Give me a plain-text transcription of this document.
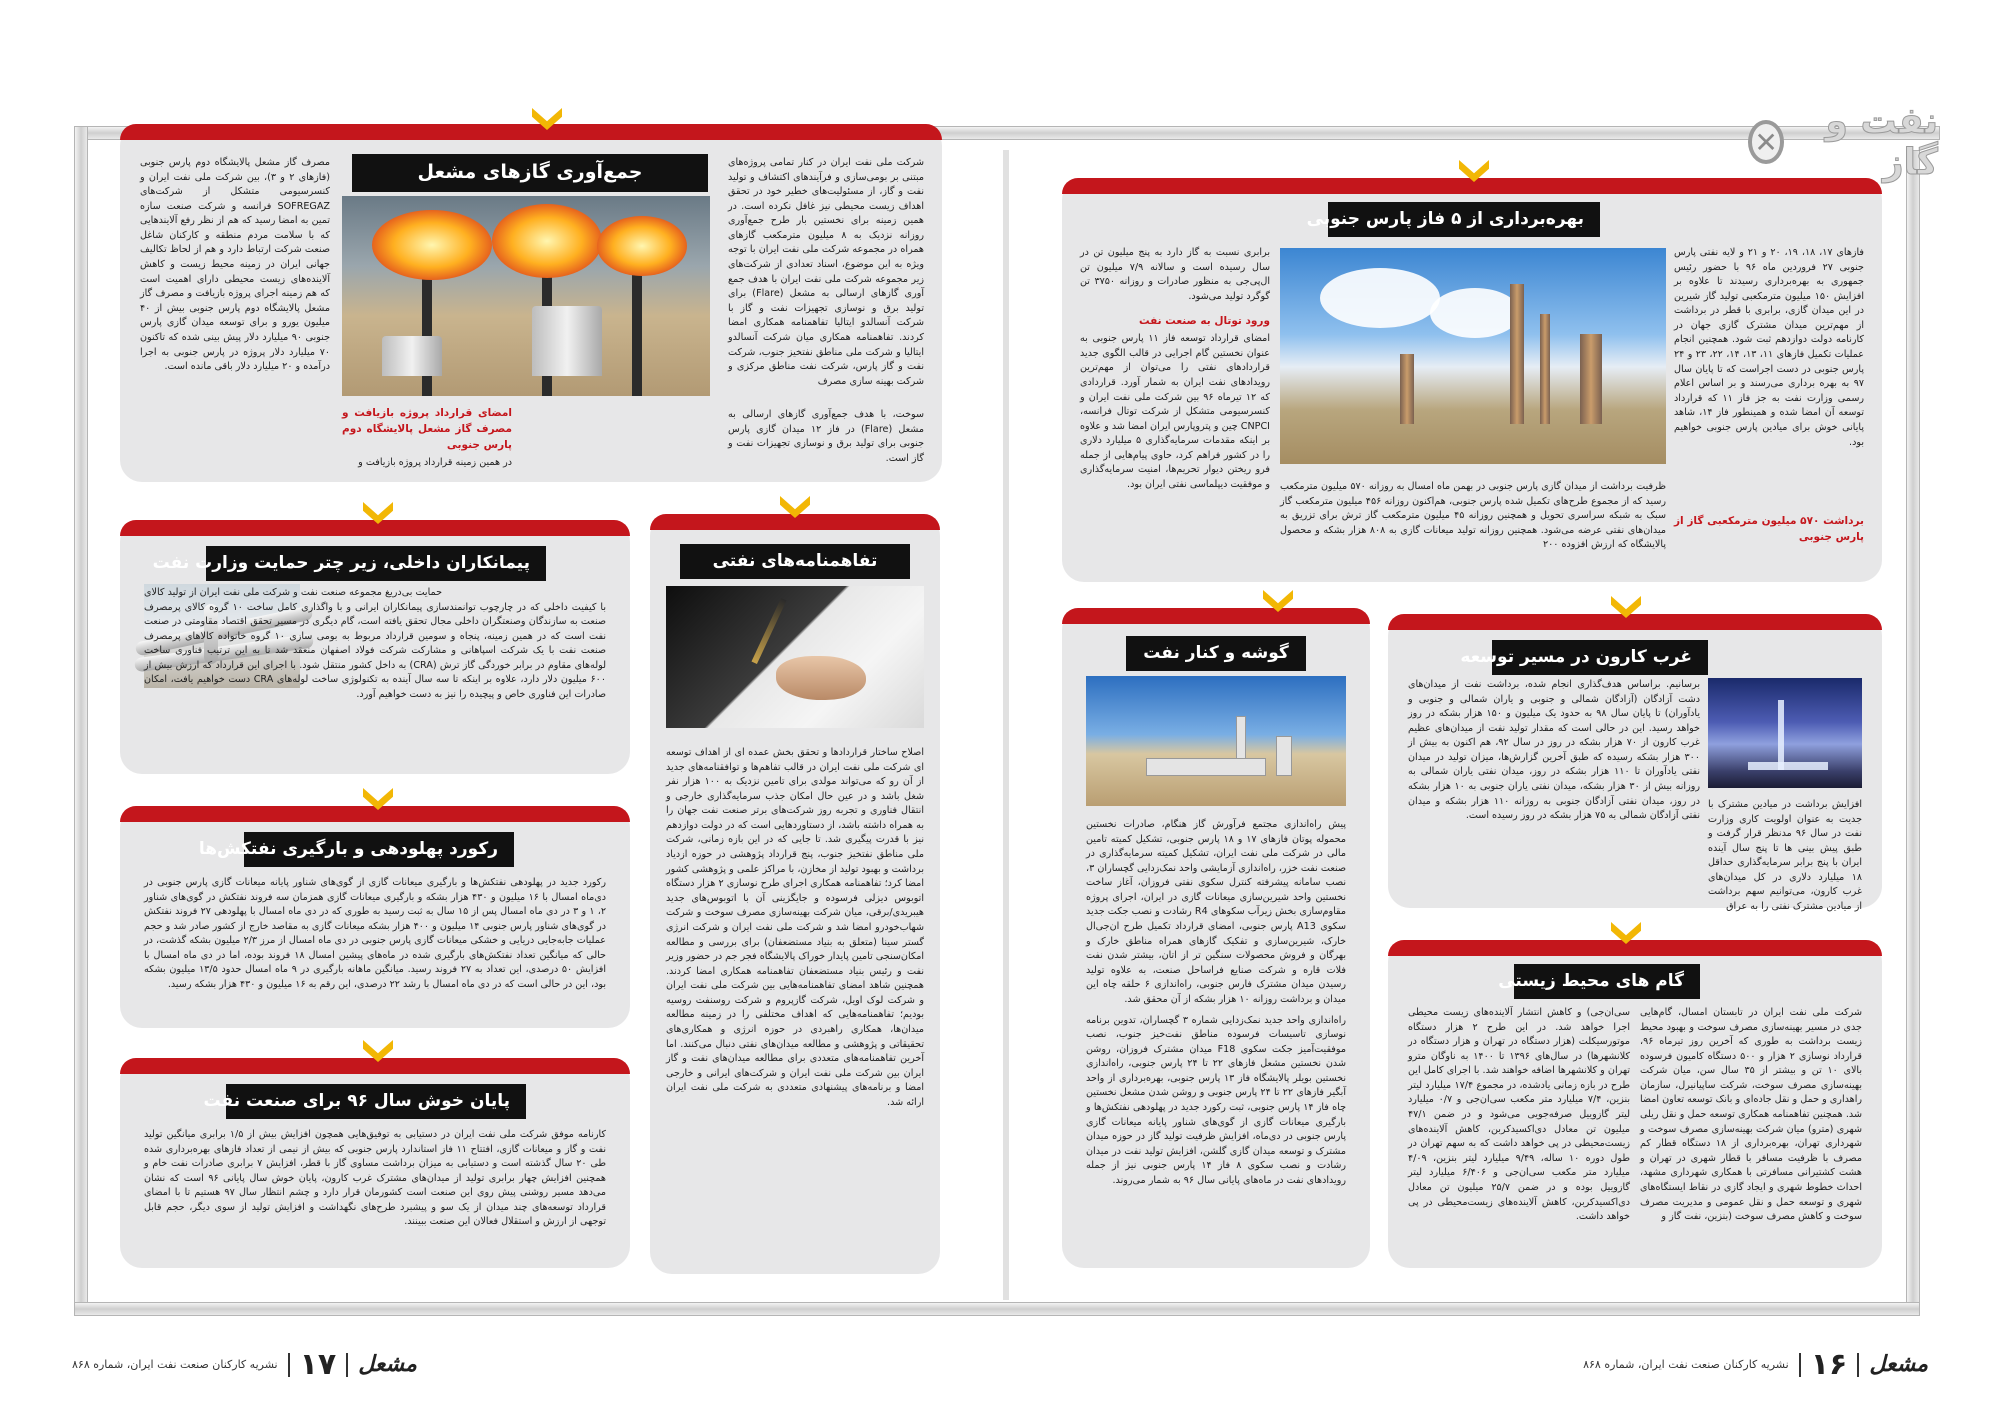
نفت و گاز
✕
جمع‌آوری گازهای مشعل	شرکت ملی نفت ایران در کنار تمامی پروژه‌های مبتنی بر بومی‌سازی و فرآیندهای اکتشاف و تولید نفت و گاز، از مسئولیت‌های خطیر خود در تحقق اهداف زیست محیطی نیز غافل نکرده است. در همین زمینه برای نخستین بار طرح جمع‌آوری روزانه نزدیک به ۸ میلیون مترمکعب گازهای همراه در مجموعه شرکت ملی نفت ایران با توجه ویژه به این موضوع، اسناد تعدادی از شرکت‌های زیر مجموعه شرکت ملی نفت ایران با هدف جمع آوری گازهای ارسالی به مشعل (Flare) برای تولید برق و نوسازی تجهیزات نفت و گاز با شرکت آنسالدو ایتالیا تفاهمنامه همکاری امضا کردند. تفاهمنامه همکاری میان شرکت آنسالدو ایتالیا و شرکت ملی مناطق نفتخیز جنوب، شرکت نفت و گاز پارس، شرکت نفت مناطق مرکزی و شرکت بهینه سازی مصرف
سوخت، با هدف جمع‌آوری گازهای ارسالی به مشعل (Flare) در فاز ۱۲ میدان گازی پارس جنوبی برای تولید برق و نوسازی تجهیزات نفت و گاز است.
امضای قرارداد پروژه بازیافت و مصرف گاز مشعل پالایشگاه دوم پارس جنوبی
در همین زمینه قرارداد پروژه بازیافت و
مصرف گاز مشعل پالایشگاه دوم پارس جنوبی (فازهای ۲ و ۳)، بین شرکت ملی نفت ایران و کنسرسیومی متشکل از شرکت‌های SOFREGAZ فرانسه و شرکت صنعت سازه تمین به امضا رسید که هم از نظر رفع آلایندهایی که با سلامت مردم منطقه و کارکنان شاغل صنعت شرکت ارتباط دارد و هم از لحاظ تکالیف جهانی ایران در زمینه محیط زیست و کاهش آلاینده‌های زیست محیطی دارای اهمیت است که هم زمینه اجرای پروژه بازیافت و مصرف گاز مشعل پالایشگاه دوم پارس جنوبی بیش از ۴۰ میلیون یورو و برای توسعه میدان گازی پارس جنوبی ۹۰ میلیارد دلار پیش بینی شده که تاکنون ۷۰ میلیارد دلار پروژه در پارس جنوبی به اجرا درآمده و ۲۰ میلیارد دلار باقی مانده است.
پیمانکاران داخلی، زیر چتر حمایت وزارت نفت
حمایت بی‌دریغ مجموعه صنعت نفت و شرکت ملی نفت ایران از تولید کالای با کیفیت داخلی که در چارچوب توانمندسازی پیمانکاران ایرانی و با واگذاری کامل ساخت ۱۰ گروه کالای پرمصرف صنعت به سازندگان وصنعتگران داخلی مجال تحقق یافته است، گام دیگری در مسیر تحقق اقتصاد مقاومتی در صنعت نفت است که در همین زمینه، پنجاه و سومین قرارداد مربوط به بومی سازی ۱۰ گروه خانواده کالاهای پرمصرف صنعت نفت با یک شرکت اسپاهانی و مشارکت شرکت فولاد اصفهان منعقد شد تا به این ترتیب فناوری ساخت لوله‌های مقاوم در برابر خوردگی گاز ترش (CRA) به داخل کشور منتقل شود. با اجرای این قرارداد که ارزش بیش از ۶۰۰ میلیون دلار دارد، علاوه بر اینکه تا سه سال آینده به تکنولوژی ساخت لوله‌های CRA دست خواهیم یافت، امکان صادرات این فناوری خاص و پیچیده را نیز به دست خواهیم آورد.
تفاهمنامه‌های نفتی
اصلاح ساختار قراردادها و تحقق بخش عمده ای از اهداف توسعه ای شرکت ملی نفت ایران در قالب تفاهم‌ها و توافقنامه‌های جدید از آن رو که می‌تواند مولدی برای تامین نزدیک به ۱۰۰ هزار نفر شغل باشد و در عین حال امکان جذب سرمایه‌گذاری خارجی و انتقال فناوری و تجربه روز شرکت‌های برتر صنعت نفت جهان را به همراه داشته باشد، از دستاوردهایی است که در دولت دوازدهم نیز با قدرت پیگیری شد. تا جایی که در این بازه زمانی، شرکت ملی مناطق نفتخیز جنوب، پنج قرارداد پژوهشی در حوزه ازدیاد برداشت و بهبود تولید از مخازن، با مراکز علمی و پژوهشی کشور امضا کرد؛ تفاهمنامه همکاری اجرای طرح نوسازی ۲ هزار دستگاه اتوبوس دیزلی فرسوده و جایگزینی آن با اتوبوس‌های جدید هیبریدی/برقی، میان شرکت بهینه‌سازی مصرف سوخت و شرکت شهاب‌خودرو امضا شد و شرکت ملی نفت ایران و شرکت انرژی گستر سینا (متعلق به بنیاد مستضعفان) برای بررسی و مطالعه امکان‌سنجی تامین پایدار خوراک پالایشگاه فجر جم در حضور وزیر نفت و رئیس بنیاد مستضعفان تفاهمنامه همکاری امضا کردند. همچنین شاهد امضای تفاهمنامه‌هایی بین شرکت ملی نفت ایران و شرکت لوک اویل، شرکت گازپروم و شرکت روسنفت روسیه بودیم؛ تفاهمنامه‌هایی که اهداف مختلفی را در زمینه مطالعه میدان‌ها، همکاری راهبردی در حوزه انرژی و همکاری‌های تحقیقاتی و پژوهشی و مطالعه میدان‌های نفتی دنبال می‌کنند. اما آخرین تفاهمنامه‌های متعددی برای مطالعه میدان‌های نفت و گاز ایران بین شرکت ملی نفت ایران و شرکت‌های ایرانی و خارجی امضا و برنامه‌های پیشنهادی متعددی به شرکت ملی نفت ایران ارائه شد.
رکورد پهلودهی و بارگیری نفتکش‌ها
رکورد جدید در پهلودهی نفتکش‌ها و بارگیری میعانات گازی از گوی‌های شناور پایانه میعانات گازی پارس جنوبی در دی‌ماه امسال با ۱۶ میلیون و ۴۳۰ هزار بشکه و بارگیری میعانات گازی همزمان سه فروند نفتکش در گوی‌های شناور ۲، ۱ و ۳ در دی ماه امسال پس از ۱۵ سال به ثبت رسید به طوری که در دی ماه امسال با پهلودهی ۲۷ فروند نفتکش در گوی‌های شناور پارس جنوبی ۱۴ میلیون و ۴۰۰ هزار بشکه میعانات گازی به مقاصد خارج از کشور صادر شد و حجم عملیات جابه‌جایی دریایی و خشکی میعانات گازی پارس جنوبی در دی ماه امسال از مرز ۲/۳ میلیون بشکه گذشت، در حالی که میانگین تعداد نفتکش‌های بارگیری شده در ماه‌های پیشین امسال ۱۸ فروند بوده، اما در دی ماه امسال با افزایش ۵۰ درصدی، این تعداد به ۲۷ فروند رسید. میانگین ماهانه بارگیری در ۹ ماه امسال حدود ۱۳/۵ میلیون بشکه بود، این در حالی است که در دی ماه امسال با رشد ۲۲ درصدی، این رقم به ۱۶ میلیون و ۴۳۰ هزار بشکه رسید.
پایان خوش سال ۹۶ برای صنعت نفت
کارنامه موفق شرکت ملی نفت ایران در دستیابی به توفیق‌هایی همچون افزایش بیش از ۱/۵ برابری میانگین تولید نفت و گاز و میعانات گازی، افتتاح ۱۱ فاز استاندارد پارس جنوبی که بیش از نیمی از تعداد فازهای بهره‌برداری شده طی ۲۰ سال گذشته است و دستیابی به میزان برداشت مساوی گاز با قطر، افزایش ۷ برابری صادرات نفت خام و همچنین افزایش چهار برابری تولید از میدان‌های مشترک غرب کارون، پایان خوش سال پایانی ۹۶ است که نشان می‌دهد مسیر روشنی پیش روی این صنعت است کشورمان قرار دارد و چشم انتظار سال ۹۷ هستیم تا با امضای قرارداد توسعه‌های چند میدان از یک سو و پیشبرد طرح‌های نگهداشت و افزایش تولید از سوی دیگر، حجم قابل توجهی از ارزش و استقلال فعالان این صنعت ببینند.
بهره‌برداری از ۵ فاز پارس جنوبی
فازهای ۱۷، ۱۸، ۱۹، ۲۰ و ۲۱ و لایه نفتی پارس جنوبی ۲۷ فروردین ماه ۹۶ با حضور رئیس جمهوری به بهره‌برداری رسیدند تا علاوه بر افزایش ۱۵۰ میلیون مترمکعبی تولید گاز شیرین در این میدان گازی، برابری با قطر در برداشت از مهم‌ترین میدان مشترک گازی جهان در کارنامه دولت دوازدهم ثبت شود. همچنین انجام عملیات تکمیل فازهای ۱۱، ۱۳، ۱۴، ۲۲، ۲۳ و ۲۴ پارس جنوبی در دست اجراست که تا پایان سال ۹۷ به بهره برداری می‌رسند و بر اساس اعلام رسمی وزارت نفت به جز فاز ۱۱ که قرارداد توسعه آن امضا شده و همینطور فاز ۱۴، شاهد پایانی خوش برای میادین پارس جنوبی خواهیم بود.
برداشت ۵۷۰ میلیون مترمکعبی گاز از پارس جنوبی
ظرفیت برداشت از میدان گازی پارس جنوبی در بهمن ماه امسال به روزانه ۵۷۰ میلیون مترمکعب رسید که از مجموع طرح‌های تکمیل شده پارس جنوبی، هم‌اکنون روزانه ۴۵۶ میلیون مترمکعب گاز سبک به شبکه سراسری تحویل و همچنین روزانه ۴۵ میلیون مترمکعب گاز ترش برای تزریق به میدان‌های نفتی عرضه می‌شود. همچنین روزانه تولید میعانات گازی به ۸۰۸ هزار بشکه و محصول پالایشگاه که ارزش افزوده ۲۰۰
برابری نسبت به گاز دارد به پنج میلیون تن در سال رسیده است و سالانه ۷/۹ میلیون تن ال‌پی‌جی به منظور صادرات و روزانه ۳۷۵۰ تن گوگرد تولید می‌شود.
ورود توتال به صنعت نفت
امضای قرارداد توسعه فاز ۱۱ پارس جنوبی به عنوان نخستین گام اجرایی در قالب الگوی جدید قراردادهای نفتی را می‌توان از مهم‌ترین رویدادهای نفت ایران به شمار آورد. قراردادی که ۱۲ تیرماه ۹۶ بین شرکت ملی نفت ایران و کنسرسیومی متشکل از شرکت توتال فرانسه، CNPCI چین و پتروپارس ایران امضا شد و علاوه بر اینکه مقدمات سرمایه‌گذاری ۵ میلیارد دلاری را در کشور فراهم کرد، حاوی پیام‌هایی از جمله فرو ریختن دیوار تحریم‌ها، امنیت سرمایه‌گذاری و موفقیت دیپلماسی نفتی ایران بود.
غرب کارون در مسیر توسعه
افزایش برداشت در میادین مشترک با جدیت به عنوان اولویت کاری وزارت نفت در سال ۹۶ مدنظر قرار گرفت و طبق پیش بینی ها تا پنج سال آینده ایران با پنج برابر سرمایه‌گذاری حداقل ۱۸ میلیارد دلاری در کل میدان‌های غرب کارون، می‌توانیم سهم برداشت از میادین مشترک نفتی را به عراق
برسانیم. براساس هدف‌گذاری انجام شده، برداشت نفت از میدان‌های دشت آزادگان (آزادگان شمالی و جنوبی و یاران شمالی و جنوبی و یادآوران) تا پایان سال ۹۸ به حدود یک میلیون و ۱۵۰ هزار بشکه در روز خواهد رسید. این در حالی است که مقدار تولید نفت از میدان‌های عظیم غرب کارون از ۷۰ هزار بشکه در روز در سال ۹۲، هم اکنون به بیش از ۳۰۰ هزار بشکه رسیده که طبق آخرین گزارش‌ها، میزان تولید در میدان نفتی یادآوران تا ۱۱۰ هزار بشکه در روز، میدان نفتی یاران شمالی به روزانه بیش از ۳۰ هزار بشکه، میدان نفتی یاران جنوبی به ۱۰ هزار بشکه در روز، میدان نفتی آزادگان جنوبی به روزانه ۱۱۰ هزار بشکه و میدان نفتی آزادگان شمالی به ۷۵ هزار بشکه در روز رسیده است.
گوشه و کنار نفت
پیش راه‌اندازی مجتمع فرآورش گاز هنگام، صادرات نخستین محموله پوتان فازهای ۱۷ و ۱۸ پارس جنوبی، تشکیل کمیته تامین مالی در شرکت ملی نفت ایران، تشکیل کمیته سرمایه‌گذاری در صنعت نفت خزر، راه‌اندازی آزمایشی واحد نمک‌زدایی گچساران ۳، نصب سامانه پیشرفته کنترل سکوی نفتی فروزان، آغاز ساخت نخستین واحد شیرین‌سازی میعانات گازی در ایران، اجرای پروژه مقاوم‌سازی بخش زیرآب سکوهای R4 رشادت و نصب جکت جدید سکوی A13 پارس جنوبی، امضای قرارداد تکمیل طرح ان‌جی‌ال خارک، شیرین‌سازی و تفکیک گازهای همراه مناطق خارک و بهرگان و فروش محصولات سنگین تر از اتان، بیشتر شدن نفت فلات قاره و شرکت صنایع فراساحل صنعت، به علاوه تولید رسیدن میدان مشترک فارس جنوبی، راه‌اندازی ۶ حلقه چاه این میدان و برداشت روزانه ۱۰ هزار بشکه از آن محقق شد.
راه‌اندازی واحد جدید نمک‌زدایی شماره ۳ گچساران، تدوین برنامه نوسازی تاسیسات فرسوده مناطق نفت‌خیز جنوب، نصب موفقیت‌آمیز جکت سکوی F18 میدان مشترک فروزان، روشن شدن نخستین مشعل فازهای ۲۲ تا ۲۴ پارس جنوبی، راه‌اندازی نخستین بویلر پالایشگاه فاز ۱۳ پارس جنوبی، بهره‌برداری از واحد آبگیر فازهای ۲۲ تا ۲۴ پارس جنوبی و روشن شدن مشعل نخستین چاه فاز ۱۴ پارس جنوبی، ثبت رکورد جدید در پهلودهی نفتکش‌ها و بارگیری میعانات گازی از گوی‌های شناور پایانه میعانات گازی پارس جنوبی در دی‌ماه، افزایش ظرفیت تولید گاز در حوزه میدان مشترک و توسعه میدان گازی گلشن، افزایش تولید نفت در میدان رشادت و نصب سکوی ۸ فاز ۱۴ پارس جنوبی نیز از جمله رویدادهای نفت در ماه‌های پایانی سال ۹۶ به شمار می‌روند.
گام های محیط زیستی
شرکت ملی نفت ایران در تابستان امسال، گام‌هایی جدی در مسیر بهینه‌سازی مصرف سوخت و بهبود محیط زیست برداشت به طوری که آخرین روز تیرماه ۹۶، قرارداد نوسازی ۲ هزار و ۵۰۰ دستگاه کامیون فرسوده بالای ۱۰ تن و بیشتر از ۳۵ سال سن، میان شرکت بهینه‌سازی مصرف سوخت، شرکت ساپیانیرل، سازمان راهداری و حمل و نقل جاده‌ای و بانک توسعه تعاون امضا شد. همچنین تفاهمنامه همکاری توسعه حمل و نقل ریلی شهری (مترو) میان شرکت بهینه‌سازی مصرف سوخت و شهرداری تهران، بهره‌برداری از ۱۸ دستگاه قطار کم مصرف با ظرفیت مسافر با قطار شهری در تهران و هشت کشتیرانی مسافرتی با همکاری شهرداری مشهد، احداث خطوط شهری و ایجاد گازی در نقاط ایستگاه‌های شهری و توسعه حمل و نقل عمومی و مدیریت مصرف سوخت و کاهش مصرف سوخت (بنزین، نفت گاز و
سی‌ان‌جی) و کاهش انتشار آلاینده‌های زیست محیطی اجرا خواهد شد. در این طرح ۲ هزار دستگاه موتورسیکلت (هزار دستگاه در تهران و هزار دستگاه در کلانشهرها) در سال‌های ۱۳۹۶ تا ۱۴۰۰ به ناوگان مترو تهران و کلانشهرها اضافه خواهند شد. با اجرای کامل این طرح در بازه زمانی یادشده، در مجموع ۱۷/۴ میلیارد لیتر بنزین، ۷/۴ میلیارد متر مکعب سی‌ان‌جی و ۰/۷ میلیارد لیتر گازوییل صرفه‌جویی می‌شود و در ضمن ۴۷/۱ میلیون تن معادل دی‌اکسیدکربن، کاهش آلاینده‌های زیست‌محیطی در پی خواهد داشت که به سهم تهران در طول دوره ۱۰ ساله، ۹/۴۹ میلیارد لیتر بنزین، ۴/۰۹ میلیارد متر مکعب سی‌ان‌جی و ۶/۴۰۶ میلیارد لیتر گازوییل بوده و در ضمن ۲۵/۷ میلیون تن معادل دی‌اکسیدکربن، کاهش آلاینده‌های زیست‌محیطی در پی خواهد داشت.
مشعل
۱۷
نشریه کارکنان صنعت نفت ایران، شماره ۸۶۸	مشعل
۱۶
نشریه کارکنان صنعت نفت ایران، شماره ۸۶۸
